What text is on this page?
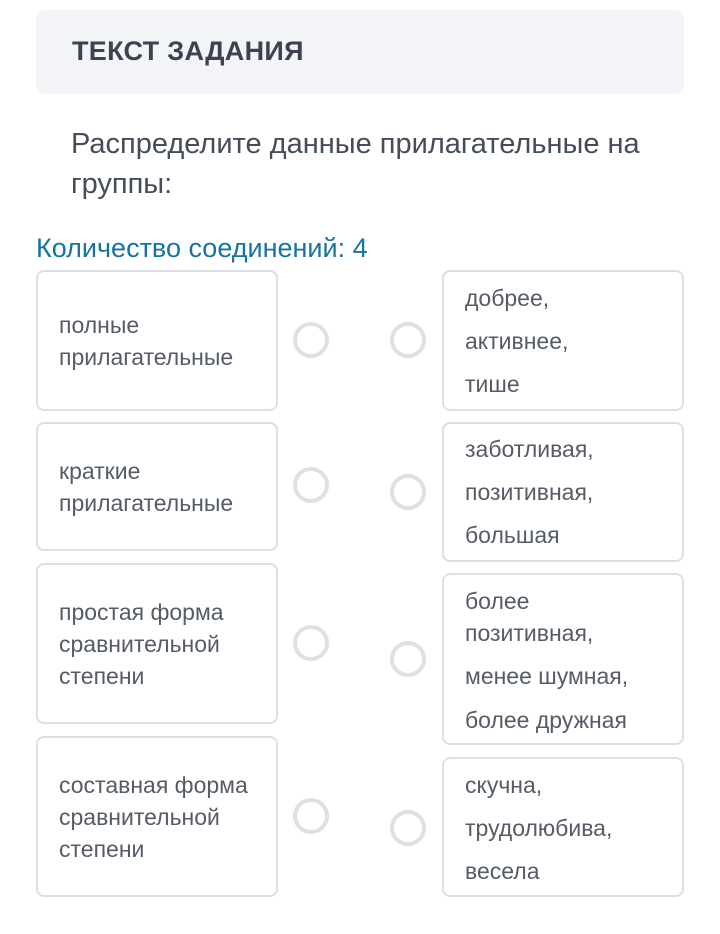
ТЕКСТ ЗАДАНИЯ
Распределите данные прилагательные на группы:
Количество соединений: 4
полные прилагательные
краткие прилагательные
простая форма сравнительной степени
составная форма сравнительной степени
добрее,
активнее,
тише
заботливая,
позитивная,
большая
более позитивная,
менее шумная,
более дружная
скучна,
трудолюбива,
весела
